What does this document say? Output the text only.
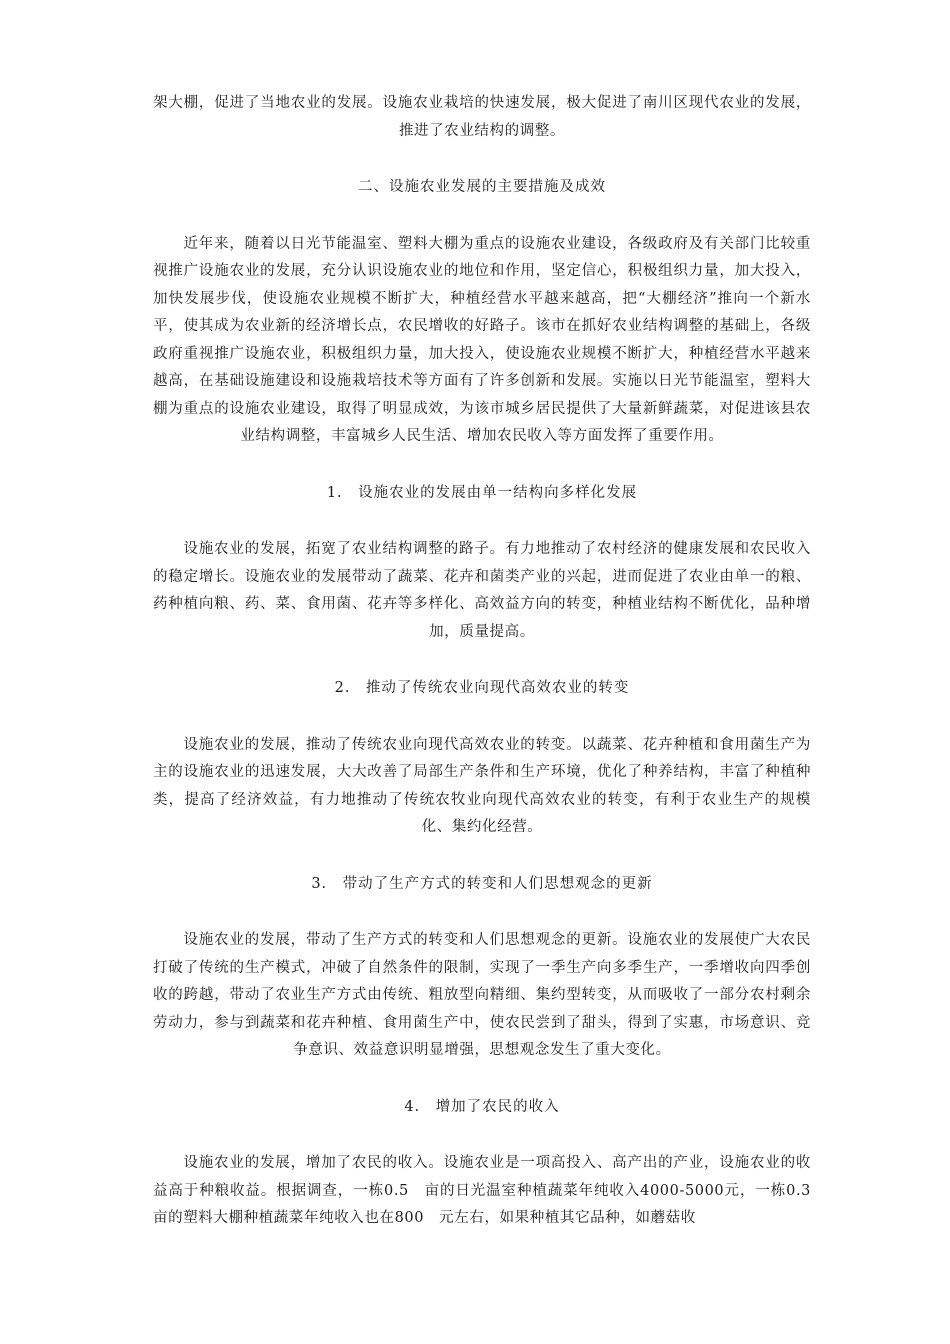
架大棚，促进了当地农业的发展。设施农业栽培的快速发展，极大促进了南川区现代农业的发展，推进了农业结构的调整。

二、设施农业发展的主要措施及成效

近年来，随着以日光节能温室、塑料大棚为重点的设施农业建设，各级政府及有关部门比较重视推广设施农业的发展，充分认识设施农业的地位和作用，坚定信心，积极组织力量，加大投入，加快发展步伐，使设施农业规模不断扩大，种植经营水平越来越高，把“大棚经济”推向一个新水平，使其成为农业新的经济增长点，农民增收的好路子。该市在抓好农业结构调整的基础上，各级政府重视推广设施农业，积极组织力量，加大投入，使设施农业规模不断扩大，种植经营水平越来越高，在基础设施建设和设施栽培技术等方面有了许多创新和发展。实施以日光节能温室，塑料大棚为重点的设施农业建设，取得了明显成效，为该市城乡居民提供了大量新鲜蔬菜，对促进该县农业结构调整，丰富城乡人民生活、增加农民收入等方面发挥了重要作用。

1.　设施农业的发展由单一结构向多样化发展

设施农业的发展，拓宽了农业结构调整的路子。有力地推动了农村经济的健康发展和农民收入的稳定增长。设施农业的发展带动了蔬菜、花卉和菌类产业的兴起，进而促进了农业由单一的粮、药种植向粮、药、菜、食用菌、花卉等多样化、高效益方向的转变，种植业结构不断优化，品种增加，质量提高。

2.　推动了传统农业向现代高效农业的转变

设施农业的发展，推动了传统农业向现代高效农业的转变。以蔬菜、花卉种植和食用菌生产为主的设施农业的迅速发展，大大改善了局部生产条件和生产环境，优化了种养结构，丰富了种植种类，提高了经济效益，有力地推动了传统农牧业向现代高效农业的转变，有利于农业生产的规模化、集约化经营。

3.　带动了生产方式的转变和人们思想观念的更新

设施农业的发展，带动了生产方式的转变和人们思想观念的更新。设施农业的发展使广大农民打破了传统的生产模式，冲破了自然条件的限制，实现了一季生产向多季生产，一季增收向四季创收的跨越，带动了农业生产方式由传统、粗放型向精细、集约型转变，从而吸收了一部分农村剩余劳动力，参与到蔬菜和花卉种植、食用菌生产中，使农民尝到了甜头，得到了实惠，市场意识、竞争意识、效益意识明显增强，思想观念发生了重大变化。

4.　增加了农民的收入

设施农业的发展，增加了农民的收入。设施农业是一项高投入、高产出的产业，设施农业的收益高于种粮收益。根据调查，一栋0.5　亩的日光温室种植蔬菜年纯收入4000-5000元，一栋0.3　亩的塑料大棚种植蔬菜年纯收入也在800　元左右，如果种植其它品种，如蘑菇收
